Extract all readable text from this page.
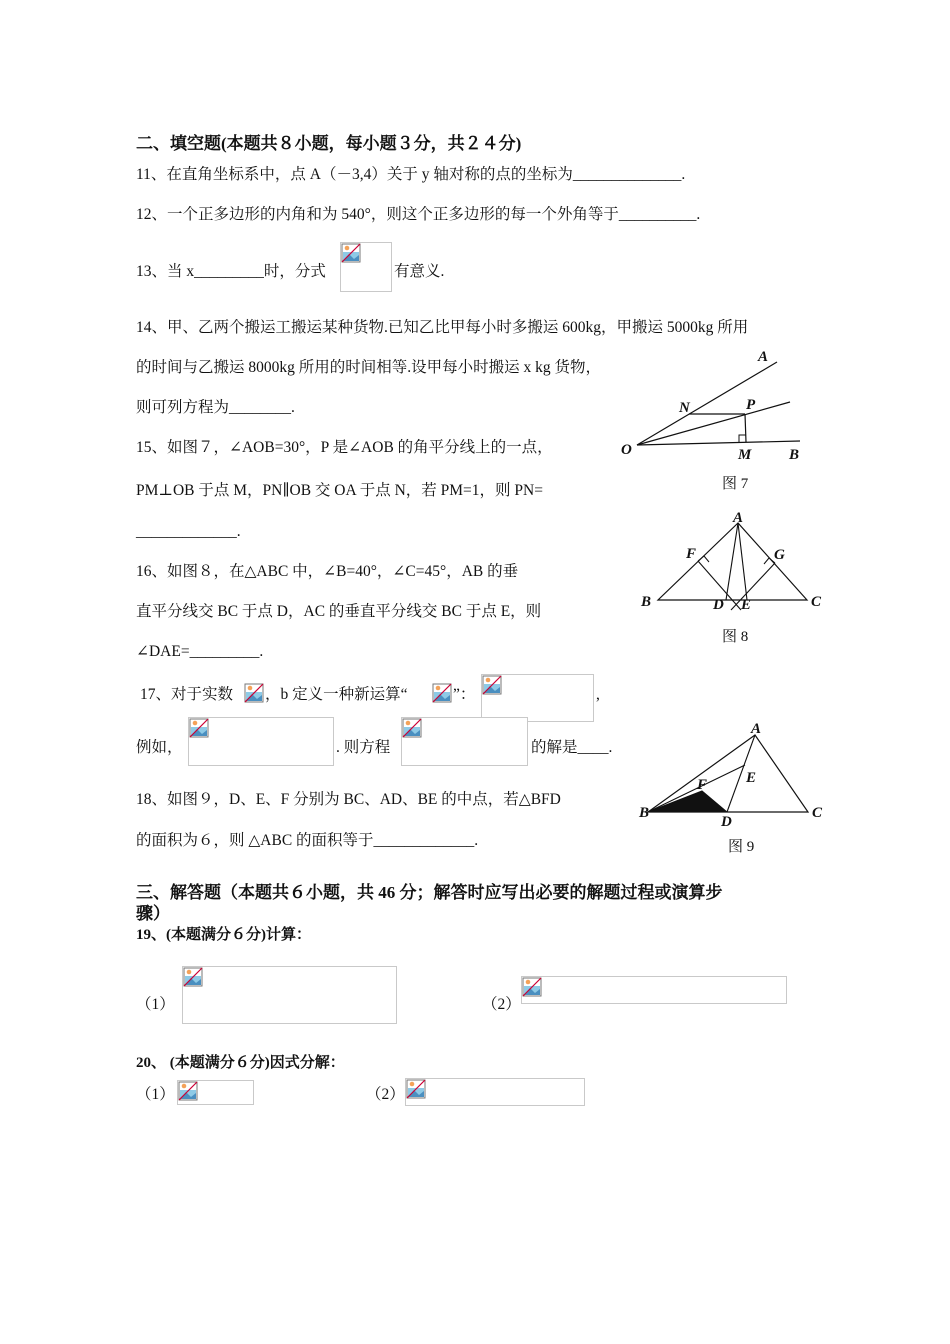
二、填空题(本题共８小题，每小题３分，共２４分)
11、在直角坐标系中，点 A（－3,4）关于 y 轴对称的点的坐标为______________.
12、一个正多边形的内角和为 540°，则这个正多边形的每一个外角等于__________.
13、当 x_________时，分式	有意义.
14、甲、乙两个搬运工搬运某种货物.已知乙比甲每小时多搬运 600kg，甲搬运 5000kg 所用
的时间与乙搬运 8000kg 所用的时间相等.设甲每小时搬运 x kg 货物，
则可列方程为________.
15、如图７，∠AOB=30°，P 是∠AOB 的角平分线上的一点，
PM⊥OB 于点 M，PN∥OB 交 OA 于点 N，若 PM=1，则 PN=
_____________.
A
N	P
O	M	B
图 7
A
F	G
B	D E	C
图 8
16、如图８，在△ABC 中，∠B=40°，∠C=45°，AB 的垂
直平分线交 BC 于点 D，AC 的垂直平分线交 BC 于点 E，则
∠DAE=_________.
17、对于实数 ，b 定义一种新运算“	”：	,
例如，	. 则方程	的解是____.
A
F	E
B
D
C
图 9
18、如图９，D、E、F 分别为 BC、AD、BE 的中点，若△BFD
的面积为６，则 △ABC 的面积等于_____________.
三、解答题（本题共６小题，共 46 分；解答时应写出必要的解题过程或演算步
骤）
19、(本题满分６分)计算：
（1）	（2）
20、 (本题满分６分)因式分解：
（1）	（2）
